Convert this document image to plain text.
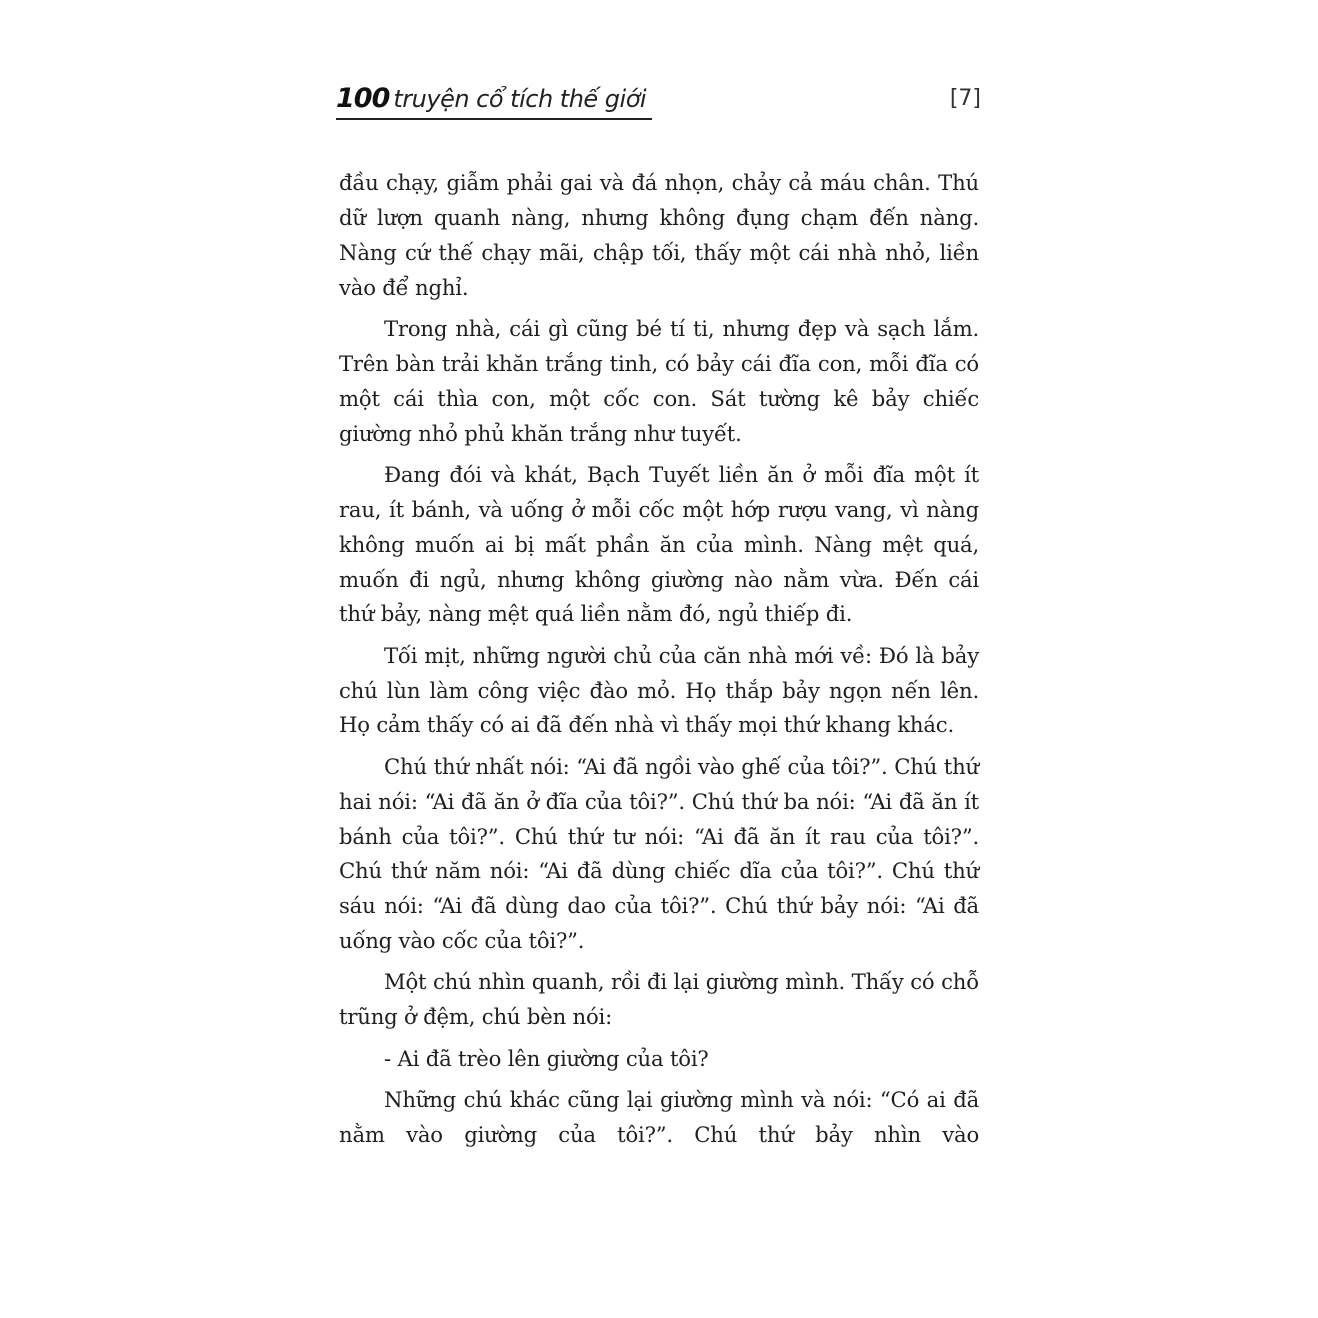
100 truyện cổ tích thế giới	[7]

đầu chạy, giẫm phải gai và đá nhọn, chảy cả máu chân. Thú dữ lượn quanh nàng, nhưng không đụng chạm đến nàng. Nàng cứ thế chạy mãi, chập tối, thấy một cái nhà nhỏ, liền vào để nghỉ.

Trong nhà, cái gì cũng bé tí ti, nhưng đẹp và sạch lắm. Trên bàn trải khăn trắng tinh, có bảy cái đĩa con, mỗi đĩa có một cái thìa con, một cốc con. Sát tường kê bảy chiếc giường nhỏ phủ khăn trắng như tuyết.

Đang đói và khát, Bạch Tuyết liền ăn ở mỗi đĩa một ít rau, ít bánh, và uống ở mỗi cốc một hớp rượu vang, vì nàng không muốn ai bị mất phần ăn của mình. Nàng mệt quá, muốn đi ngủ, nhưng không giường nào nằm vừa. Đến cái thứ bảy, nàng mệt quá liền nằm đó, ngủ thiếp đi.

Tối mịt, những người chủ của căn nhà mới về: Đó là bảy chú lùn làm công việc đào mỏ. Họ thắp bảy ngọn nến lên. Họ cảm thấy có ai đã đến nhà vì thấy mọi thứ khang khác.

Chú thứ nhất nói: “Ai đã ngồi vào ghế của tôi?”. Chú thứ hai nói: “Ai đã ăn ở đĩa của tôi?”. Chú thứ ba nói: “Ai đã ăn ít bánh của tôi?”. Chú thứ tư nói: “Ai đã ăn ít rau của tôi?”. Chú thứ năm nói: “Ai đã dùng chiếc dĩa của tôi?”. Chú thứ sáu nói: “Ai đã dùng dao của tôi?”. Chú thứ bảy nói: “Ai đã uống vào cốc của tôi?”.

Một chú nhìn quanh, rồi đi lại giường mình. Thấy có chỗ trũng ở đệm, chú bèn nói:

- Ai đã trèo lên giường của tôi?

Những chú khác cũng lại giường mình và nói: “Có ai đã nằm vào giường của tôi?”. Chú thứ bảy nhìn vào
